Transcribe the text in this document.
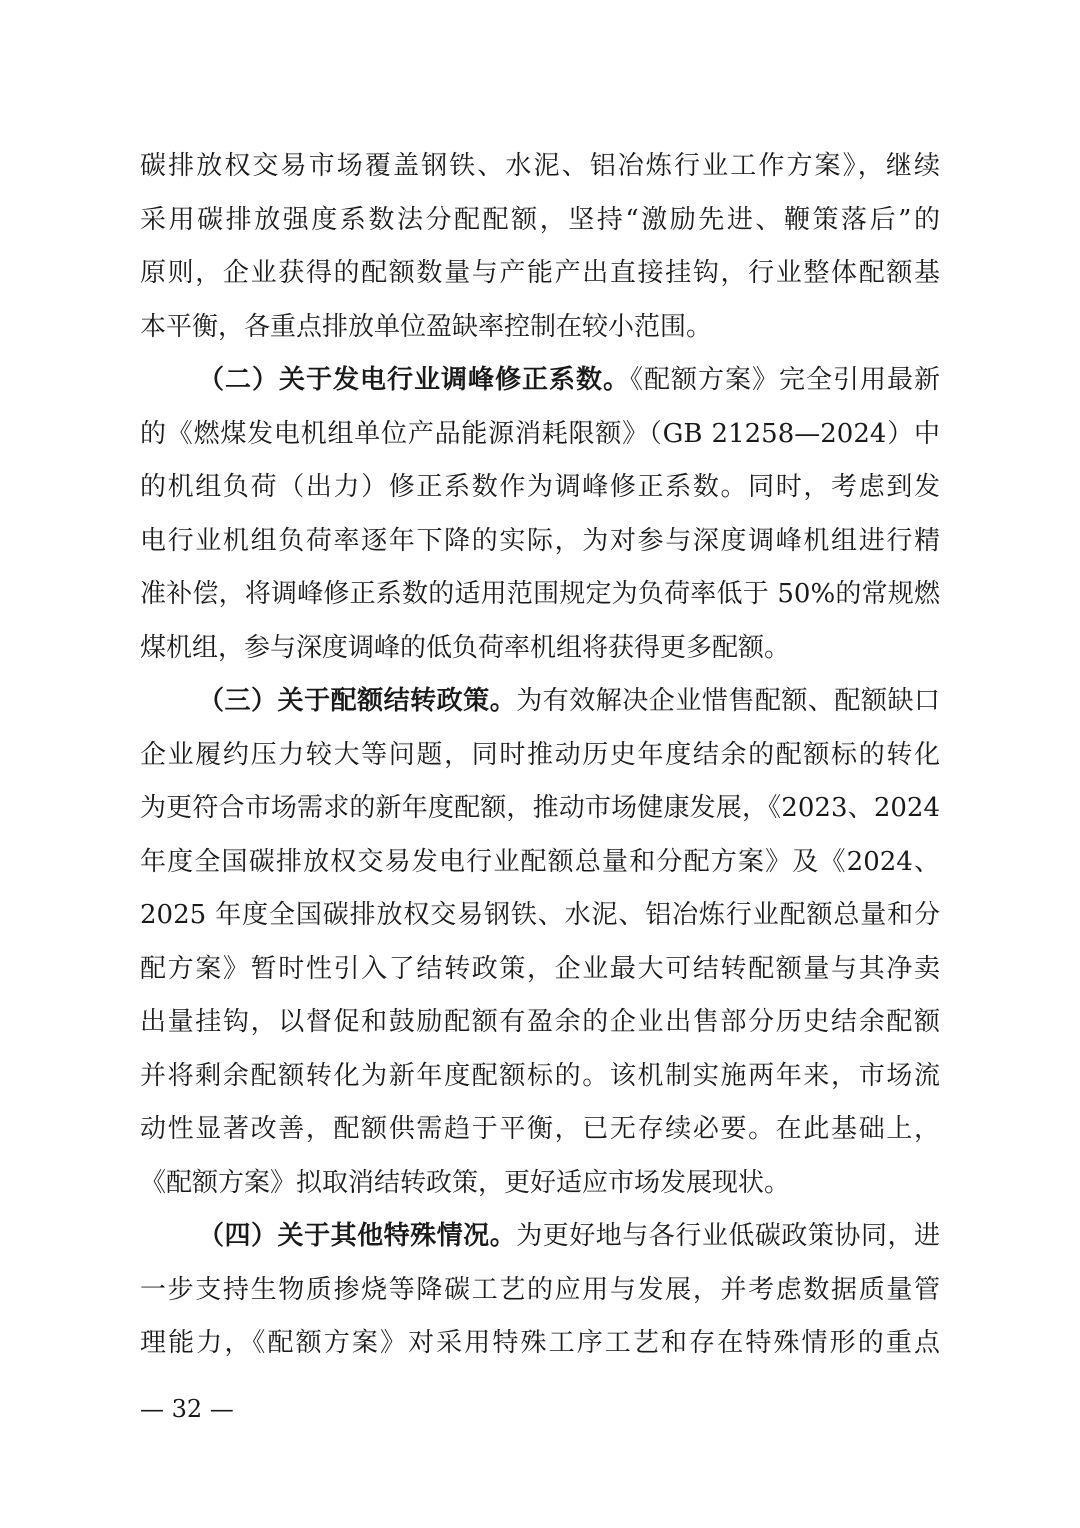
碳排放权交易市场覆盖钢铁、水泥、铝冶炼行业工作方案》，继续
采用碳排放强度系数法分配配额，坚持“激励先进、鞭策落后”的
原则，企业获得的配额数量与产能产出直接挂钩，行业整体配额基
本平衡，各重点排放单位盈缺率控制在较小范围。
（二）关于发电行业调峰修正系数。《配额方案》完全引用最新
的《燃煤发电机组单位产品能源消耗限额》（GB 21258—2024）中
的机组负荷（出力）修正系数作为调峰修正系数。同时，考虑到发
电行业机组负荷率逐年下降的实际，为对参与深度调峰机组进行精
准补偿，将调峰修正系数的适用范围规定为负荷率低于 50%的常规燃
煤机组，参与深度调峰的低负荷率机组将获得更多配额。
（三）关于配额结转政策。为有效解决企业惜售配额、配额缺口
企业履约压力较大等问题，同时推动历史年度结余的配额标的转化
为更符合市场需求的新年度配额，推动市场健康发展，《2023、2024
年度全国碳排放权交易发电行业配额总量和分配方案》及《2024、
2025 年度全国碳排放权交易钢铁、水泥、铝冶炼行业配额总量和分
配方案》暂时性引入了结转政策，企业最大可结转配额量与其净卖
出量挂钩，以督促和鼓励配额有盈余的企业出售部分历史结余配额
并将剩余配额转化为新年度配额标的。该机制实施两年来，市场流
动性显著改善，配额供需趋于平衡，已无存续必要。在此基础上，
《配额方案》拟取消结转政策，更好适应市场发展现状。
（四）关于其他特殊情况。为更好地与各行业低碳政策协同，进
一步支持生物质掺烧等降碳工艺的应用与发展，并考虑数据质量管
理能力，《配额方案》对采用特殊工序工艺和存在特殊情形的重点
— 32 —
